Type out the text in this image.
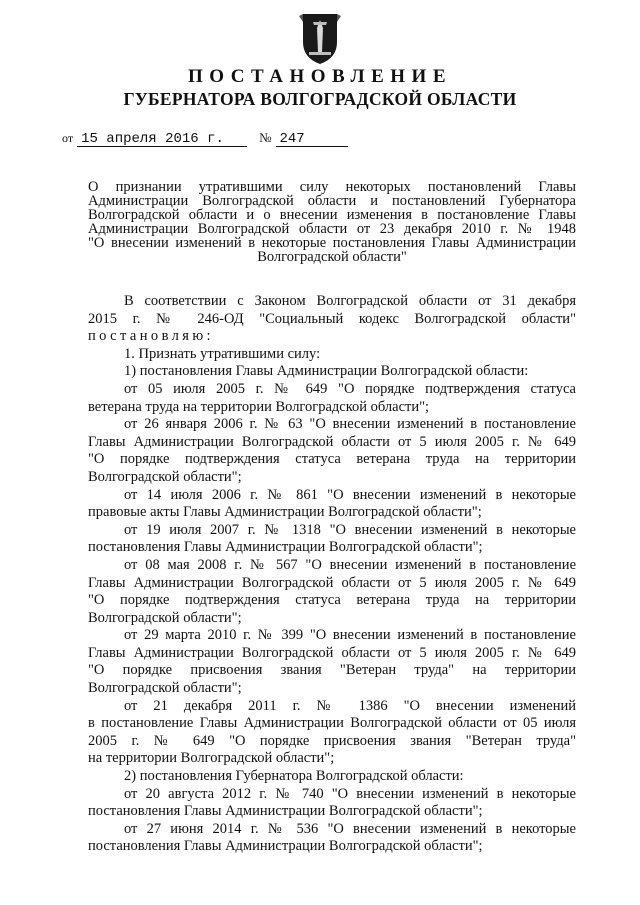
ПОСТАНОВЛЕНИЕ
ГУБЕРНАТОРА ВОЛГОГРАДСКОЙ ОБЛАСТИ
от 15 апреля 2016 г.	№ 247
О признании утратившими силу некоторых постановлений Главы
Администрации Волгоградской области и постановлений Губернатора
Волгоградской области и о внесении изменения в постановление Главы
Администрации Волгоградской области от 23 декабря 2010 г. № 1948
"О внесении изменений в некоторые постановления Главы Администрации
Волгоградской области"
В соответствии с Законом Волгоградской области от 31 декабря
2015 г. № 246-ОД "Социальный кодекс Волгоградской области"
постановляю:
1. Признать утратившими силу:
1) постановления Главы Администрации Волгоградской области:
от 05 июля 2005 г. № 649 "О порядке подтверждения статуса
ветерана труда на территории Волгоградской области";
от 26 января 2006 г. № 63 "О внесении изменений в постановление
Главы Администрации Волгоградской области от 5 июля 2005 г. № 649
"О порядке подтверждения статуса ветерана труда на территории
Волгоградской области";
от 14 июля 2006 г. № 861 "О внесении изменений в некоторые
правовые акты Главы Администрации Волгоградской области";
от 19 июля 2007 г. № 1318 "О внесении изменений в некоторые
постановления Главы Администрации Волгоградской области";
от 08 мая 2008 г. № 567 "О внесении изменений в постановление
Главы Администрации Волгоградской области от 5 июля 2005 г. № 649
"О порядке подтверждения статуса ветерана труда на территории
Волгоградской области";
от 29 марта 2010 г. № 399 "О внесении изменений в постановление
Главы Администрации Волгоградской области от 5 июля 2005 г. № 649
"О порядке присвоения звания "Ветеран труда" на территории
Волгоградской области";
от 21 декабря 2011 г. № 1386 "О внесении изменений
в постановление Главы Администрации Волгоградской области от 05 июля
2005 г. № 649 "О порядке присвоения звания "Ветеран труда"
на территории Волгоградской области";
2) постановления Губернатора Волгоградской области:
от 20 августа 2012 г. № 740 "О внесении изменений в некоторые
постановления Главы Администрации Волгоградской области";
от 27 июня 2014 г. № 536 "О внесении изменений в некоторые
постановления Главы Администрации Волгоградской области";
